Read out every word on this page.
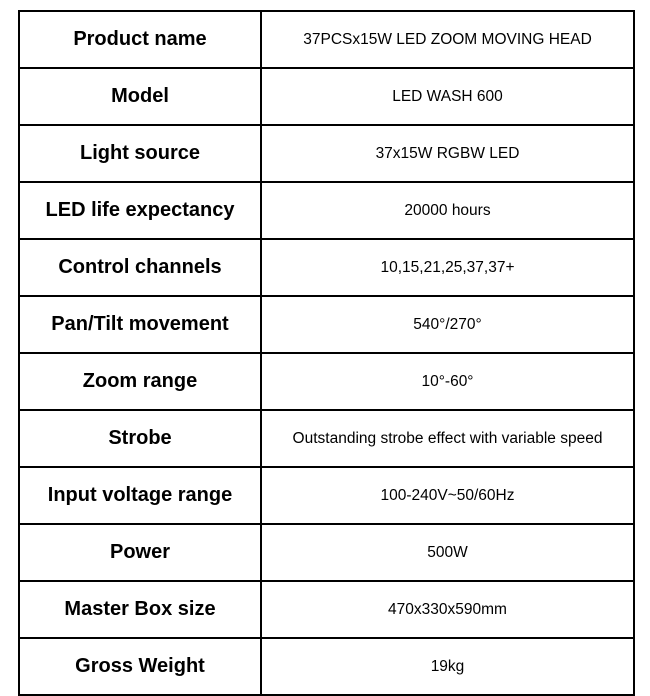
Product name	37PCSx15W LED ZOOM MOVING HEAD
Model	LED WASH 600
Light source	37x15W RGBW LED
LED life expectancy	20000 hours
Control channels	10,15,21,25,37,37+
Pan/Tilt movement	540°/270°
Zoom range	10°-60°
Strobe	Outstanding strobe effect with variable speed
Input voltage range	100-240V~50/60Hz
Power	500W
Master Box size	470x330x590mm
Gross Weight	19kg
